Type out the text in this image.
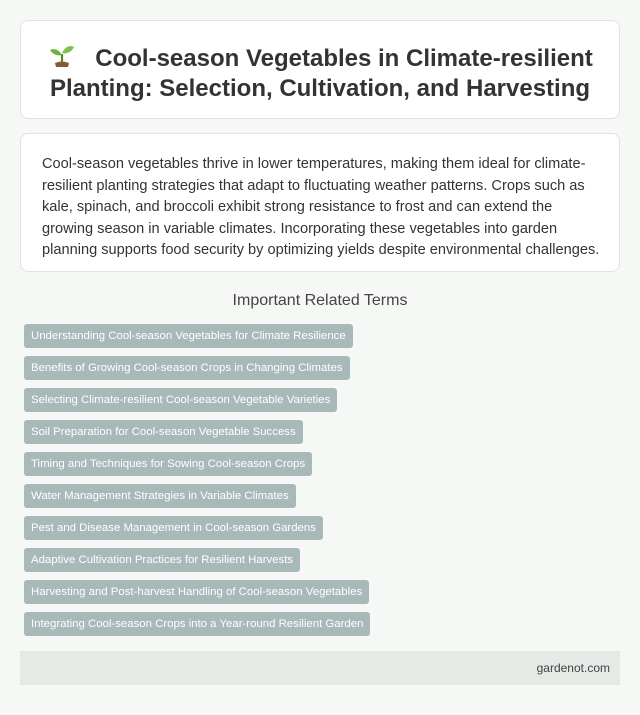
Cool-season Vegetables in Climate-resilient Planting: Selection, Cultivation, and Harvesting

Cool-season vegetables thrive in lower temperatures, making them ideal for climate-resilient planting strategies that adapt to fluctuating weather patterns. Crops such as kale, spinach, and broccoli exhibit strong resistance to frost and can extend the growing season in variable climates. Incorporating these vegetables into garden planning supports food security by optimizing yields despite environmental challenges.

Important Related Terms
Understanding Cool-season Vegetables for Climate Resilience
Benefits of Growing Cool-season Crops in Changing Climates
Selecting Climate-resilient Cool-season Vegetable Varieties
Soil Preparation for Cool-season Vegetable Success
Timing and Techniques for Sowing Cool-season Crops
Water Management Strategies in Variable Climates
Pest and Disease Management in Cool-season Gardens
Adaptive Cultivation Practices for Resilient Harvests
Harvesting and Post-harvest Handling of Cool-season Vegetables
Integrating Cool-season Crops into a Year-round Resilient Garden
gardenot.com
